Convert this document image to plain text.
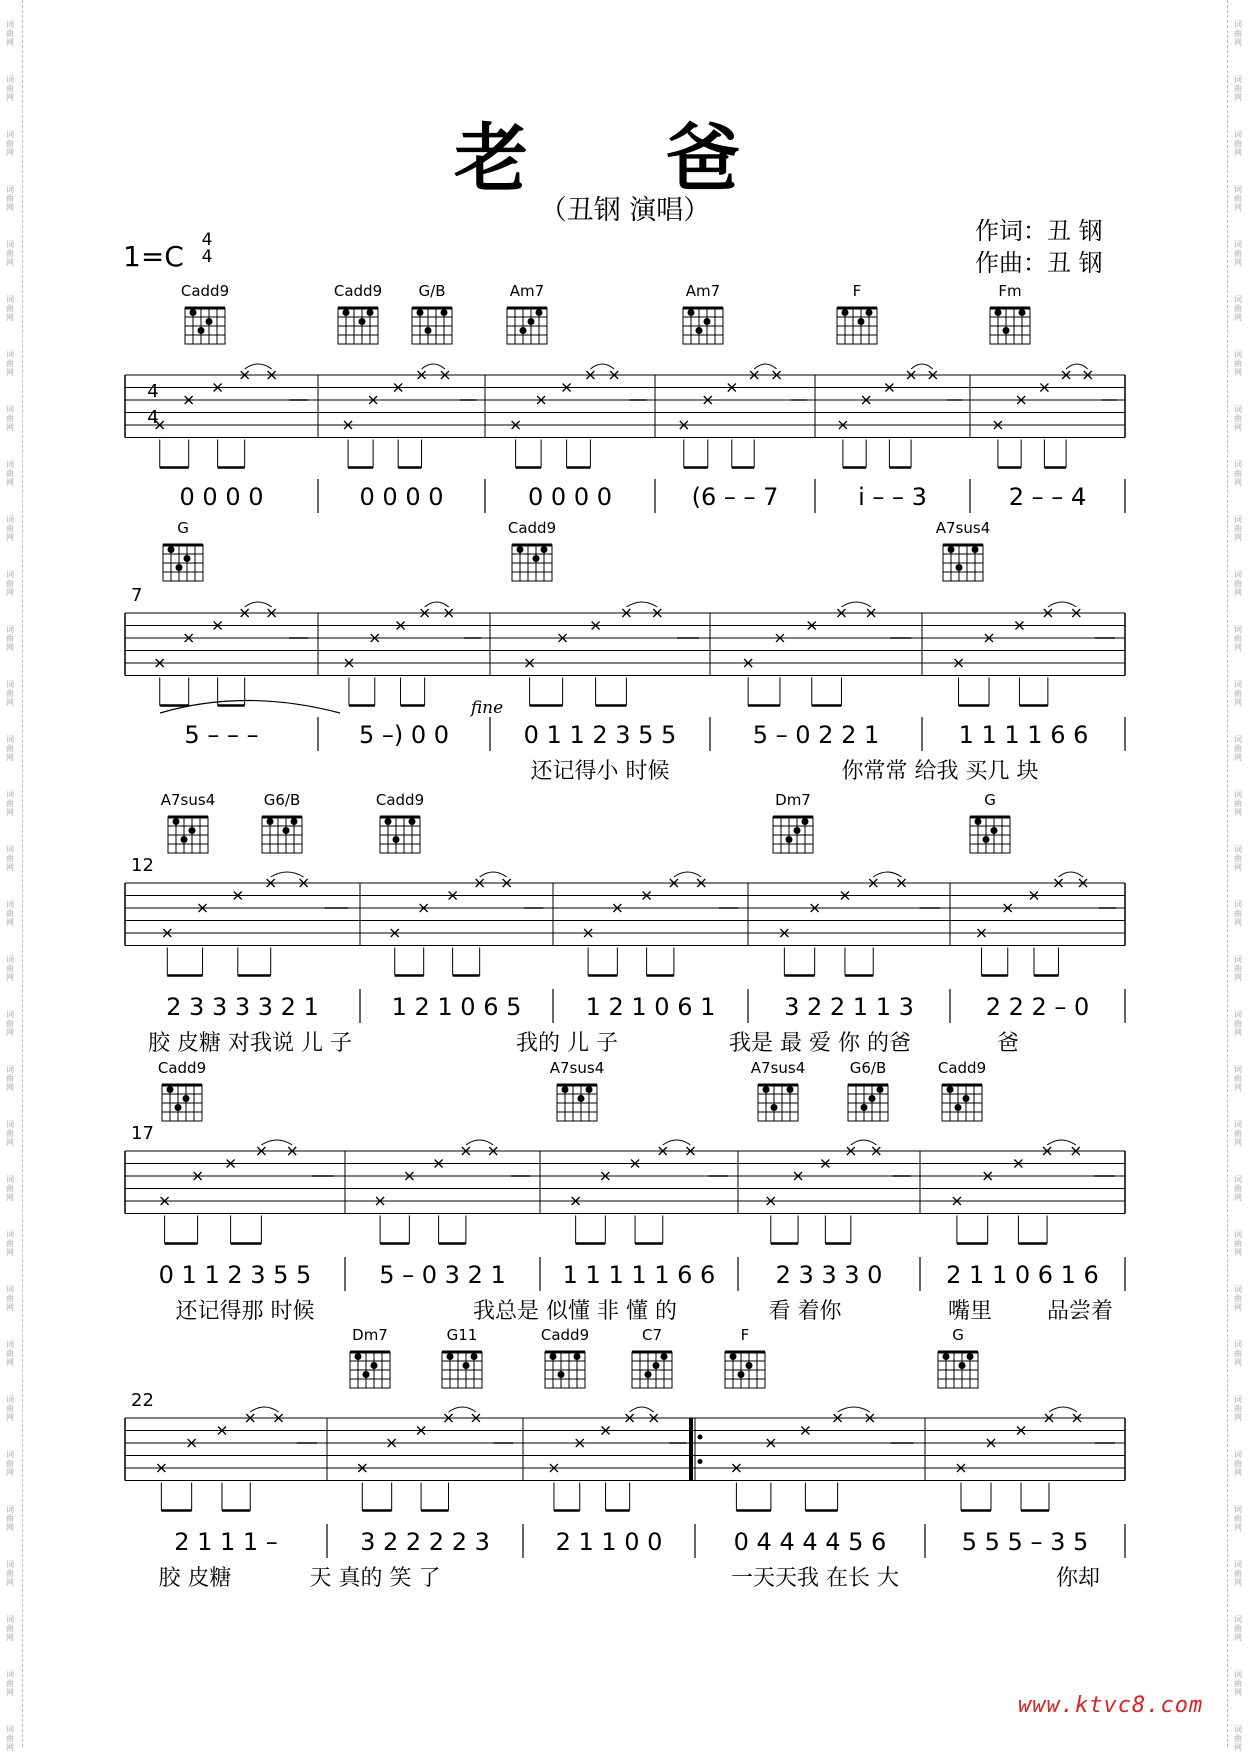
词曲网
词曲网
词曲网
词曲网
词曲网
词曲网
词曲网
词曲网
词曲网
词曲网
词曲网
词曲网
词曲网
词曲网
词曲网
词曲网
词曲网
词曲网
词曲网
词曲网
词曲网
词曲网
词曲网
词曲网
词曲网
词曲网
词曲网
词曲网
词曲网
词曲网
词曲网
词曲网
词曲网
词曲网
词曲网
词曲网
词曲网
词曲网
词曲网
词曲网
词曲网
词曲网
词曲网
词曲网
词曲网
词曲网
词曲网
词曲网
词曲网
词曲网
词曲网
词曲网
词曲网
词曲网
词曲网
词曲网
词曲网
词曲网
词曲网
词曲网
词曲网
词曲网
词曲网
词曲网
老 爸
（丑钢 演唱）
作词：丑 钢
作曲：丑 钢
1=C 4
4
Cadd9	Cadd9 G/B	Am7	Am7	F	Fm
4
4
0 0 0 0	0 0 0 0	0 0 0 0	(6 – – 7	i – – 3	2 – – 4
G	Cadd9	A7sus4
7
5 – – –	5 –) 0 0	0 1 1 2 3 5 5	5 – 0 2 2 1	1 1 1 1 6 6
fine
还记得小 时候	你常常 给我 买几 块
A7sus4	G6/B	Cadd9	Dm7	G
12
2 3 3 3 3 2 1	1 2 1 0 6 5	1 2 1 0 6 1	3 2 2 1 1 3	2 2 2 – 0
胶 皮糖 对我说 儿 子	我的 儿 子	我是 最 爱 你 的爸	爸
Cadd9	A7sus4	A7sus4	G6/B	Cadd9
17
0 1 1 2 3 5 5	5 – 0 3 2 1 1 1 1 1 1 6 6	2 3 3 3 0	2 1 1 0 6 1 6
还记得那 时候	我总是 似懂 非 懂 的	看 着你	嘴里 品尝着
Dm7	G11	Cadd9	C7	F	G
22
2 1 1 1 –	3 2 2 2 2 3	2 1 1 0 0	0 4 4 4 4 5 6	5 5 5 – 3 5
胶 皮糖	天 真的 笑 了	一天天我 在长 大	你却
www.ktvc8.com
